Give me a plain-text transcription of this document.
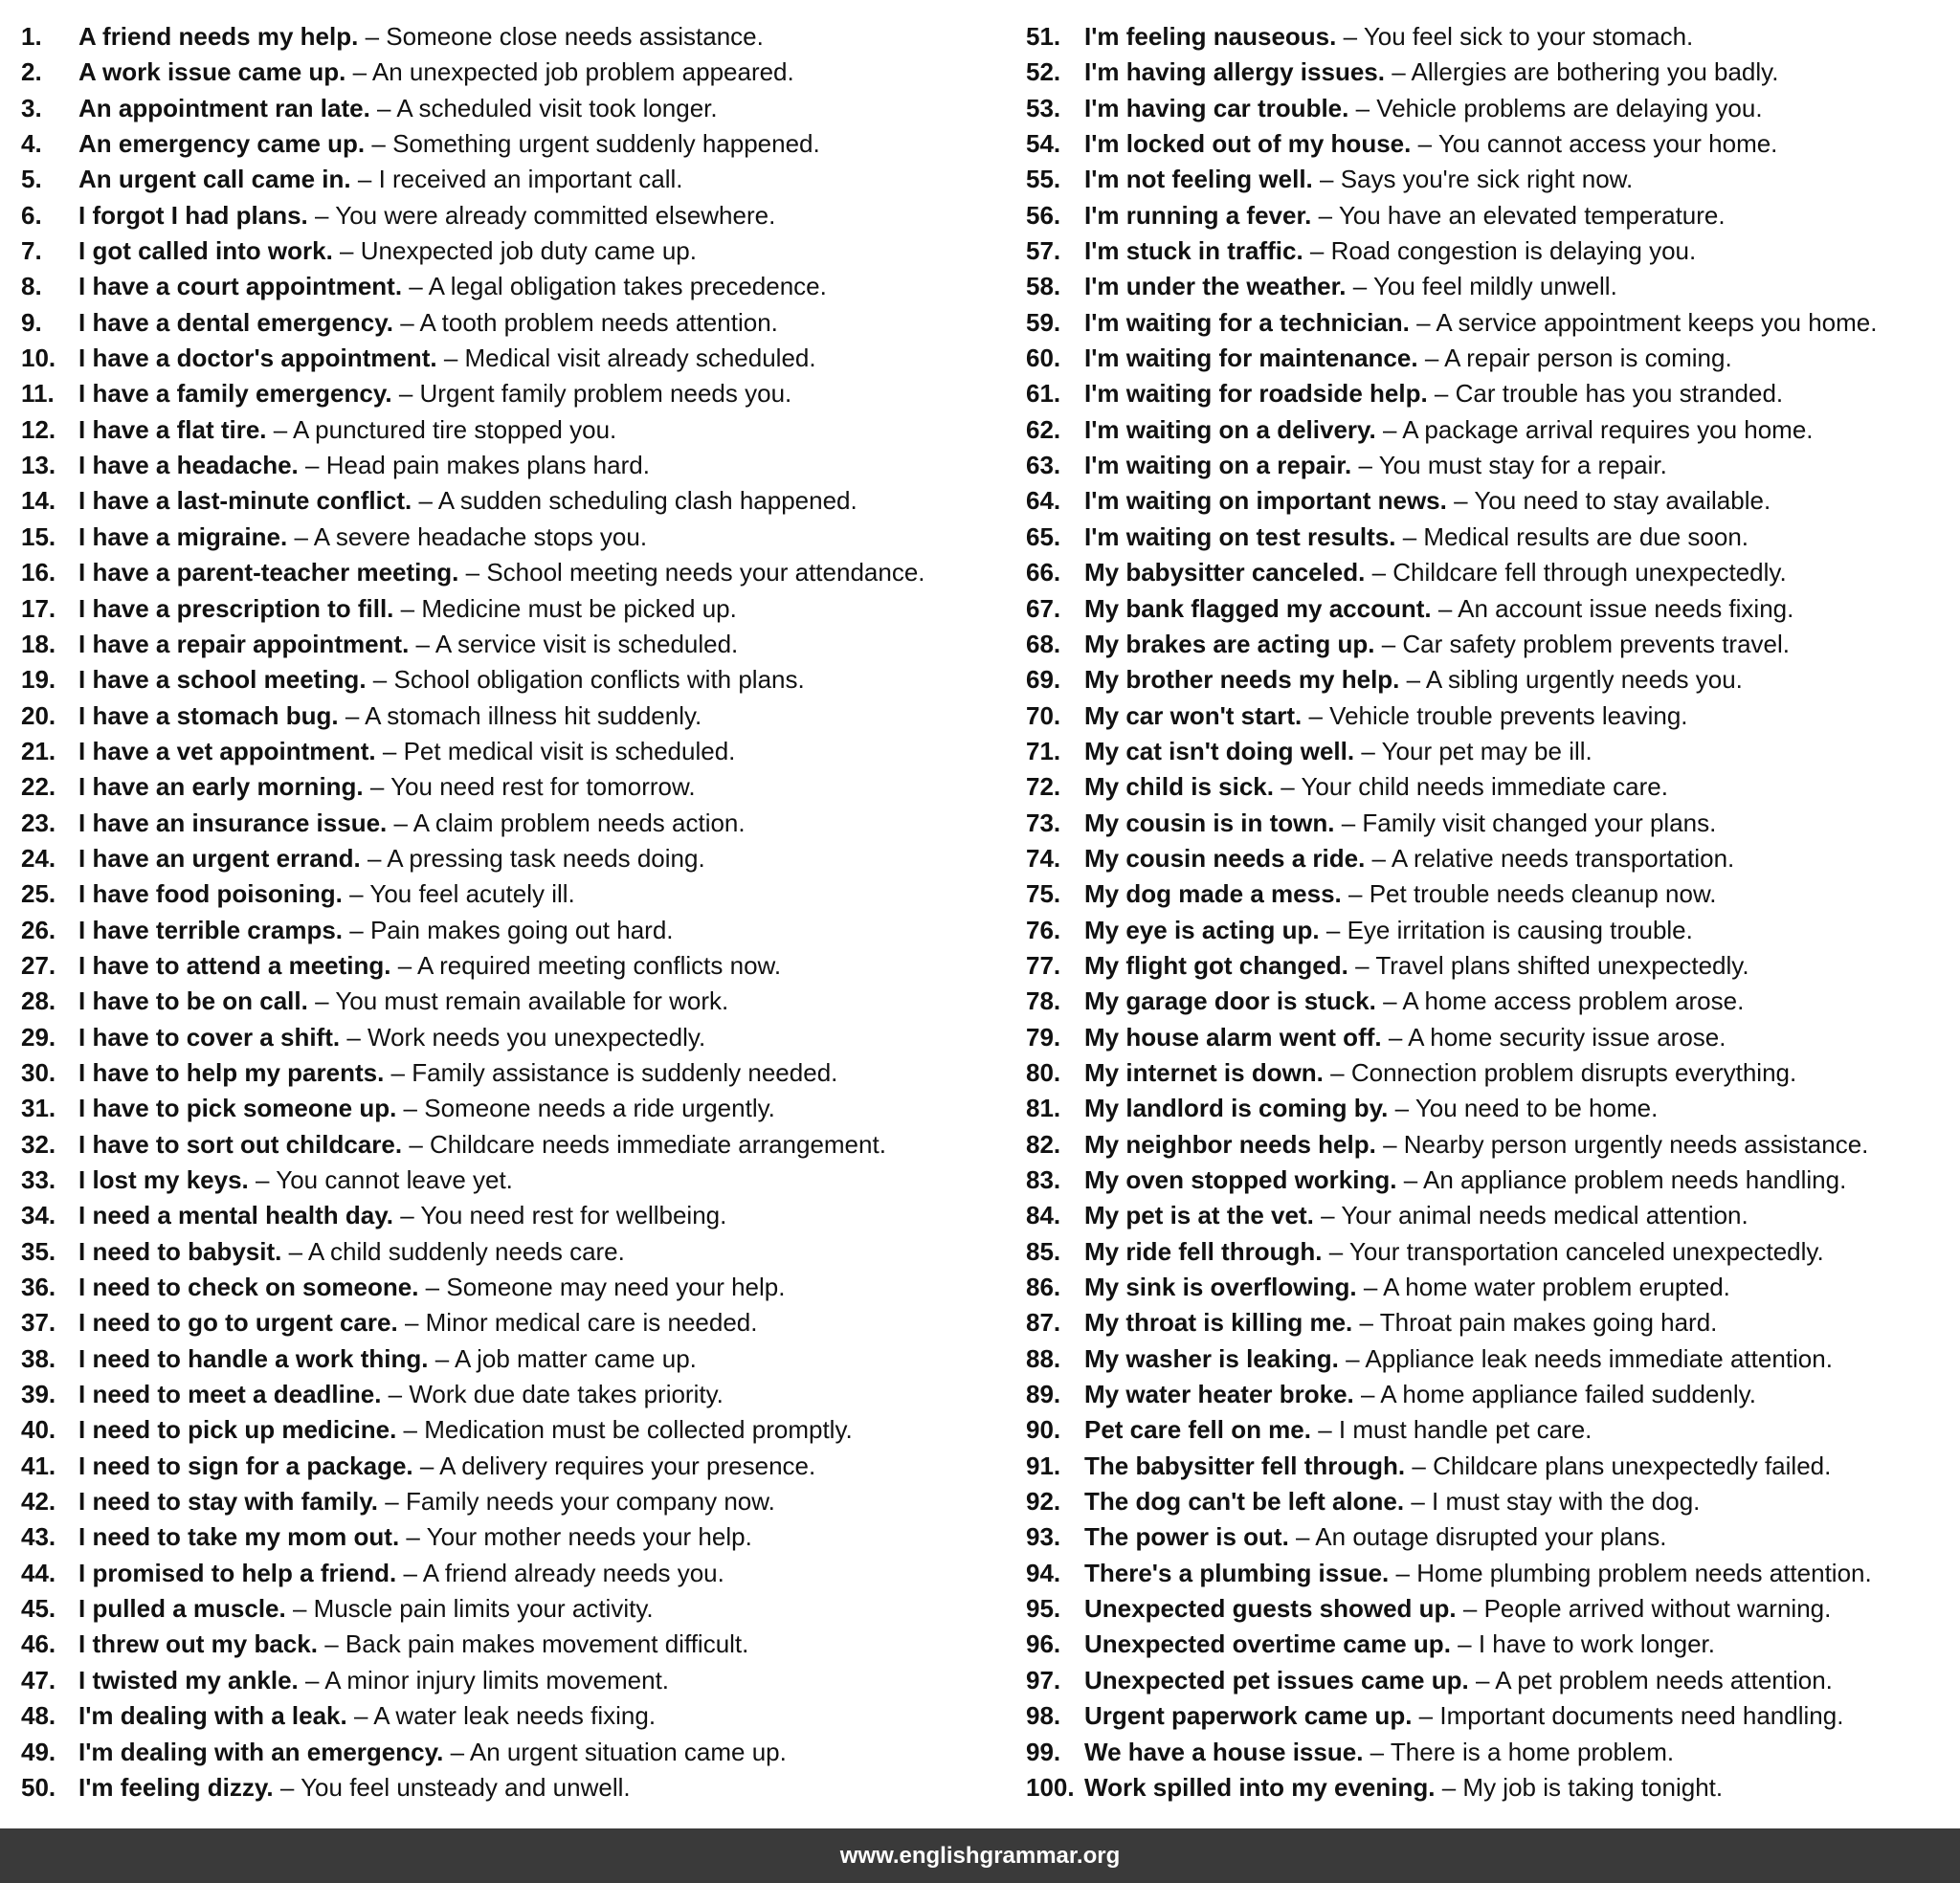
1. A friend needs my help. – Someone close needs assistance.
2. A work issue came up. – An unexpected job problem appeared.
3. An appointment ran late. – A scheduled visit took longer.
4. An emergency came up. – Something urgent suddenly happened.
5. An urgent call came in. – I received an important call.
6. I forgot I had plans. – You were already committed elsewhere.
7. I got called into work. – Unexpected job duty came up.
8. I have a court appointment. – A legal obligation takes precedence.
9. I have a dental emergency. – A tooth problem needs attention.
10. I have a doctor's appointment. – Medical visit already scheduled.
11. I have a family emergency. – Urgent family problem needs you.
12. I have a flat tire. – A punctured tire stopped you.
13. I have a headache. – Head pain makes plans hard.
14. I have a last-minute conflict. – A sudden scheduling clash happened.
15. I have a migraine. – A severe headache stops you.
16. I have a parent-teacher meeting. – School meeting needs your attendance.
17. I have a prescription to fill. – Medicine must be picked up.
18. I have a repair appointment. – A service visit is scheduled.
19. I have a school meeting. – School obligation conflicts with plans.
20. I have a stomach bug. – A stomach illness hit suddenly.
21. I have a vet appointment. – Pet medical visit is scheduled.
22. I have an early morning. – You need rest for tomorrow.
23. I have an insurance issue. – A claim problem needs action.
24. I have an urgent errand. – A pressing task needs doing.
25. I have food poisoning. – You feel acutely ill.
26. I have terrible cramps. – Pain makes going out hard.
27. I have to attend a meeting. – A required meeting conflicts now.
28. I have to be on call. – You must remain available for work.
29. I have to cover a shift. – Work needs you unexpectedly.
30. I have to help my parents. – Family assistance is suddenly needed.
31. I have to pick someone up. – Someone needs a ride urgently.
32. I have to sort out childcare. – Childcare needs immediate arrangement.
33. I lost my keys. – You cannot leave yet.
34. I need a mental health day. – You need rest for wellbeing.
35. I need to babysit. – A child suddenly needs care.
36. I need to check on someone. – Someone may need your help.
37. I need to go to urgent care. – Minor medical care is needed.
38. I need to handle a work thing. – A job matter came up.
39. I need to meet a deadline. – Work due date takes priority.
40. I need to pick up medicine. – Medication must be collected promptly.
41. I need to sign for a package. – A delivery requires your presence.
42. I need to stay with family. – Family needs your company now.
43. I need to take my mom out. – Your mother needs your help.
44. I promised to help a friend. – A friend already needs you.
45. I pulled a muscle. – Muscle pain limits your activity.
46. I threw out my back. – Back pain makes movement difficult.
47. I twisted my ankle. – A minor injury limits movement.
48. I'm dealing with a leak. – A water leak needs fixing.
49. I'm dealing with an emergency. – An urgent situation came up.
50. I'm feeling dizzy. – You feel unsteady and unwell.
51. I'm feeling nauseous. – You feel sick to your stomach.
52. I'm having allergy issues. – Allergies are bothering you badly.
53. I'm having car trouble. – Vehicle problems are delaying you.
54. I'm locked out of my house. – You cannot access your home.
55. I'm not feeling well. – Says you're sick right now.
56. I'm running a fever. – You have an elevated temperature.
57. I'm stuck in traffic. – Road congestion is delaying you.
58. I'm under the weather. – You feel mildly unwell.
59. I'm waiting for a technician. – A service appointment keeps you home.
60. I'm waiting for maintenance. – A repair person is coming.
61. I'm waiting for roadside help. – Car trouble has you stranded.
62. I'm waiting on a delivery. – A package arrival requires you home.
63. I'm waiting on a repair. – You must stay for a repair.
64. I'm waiting on important news. – You need to stay available.
65. I'm waiting on test results. – Medical results are due soon.
66. My babysitter canceled. – Childcare fell through unexpectedly.
67. My bank flagged my account. – An account issue needs fixing.
68. My brakes are acting up. – Car safety problem prevents travel.
69. My brother needs my help. – A sibling urgently needs you.
70. My car won't start. – Vehicle trouble prevents leaving.
71. My cat isn't doing well. – Your pet may be ill.
72. My child is sick. – Your child needs immediate care.
73. My cousin is in town. – Family visit changed your plans.
74. My cousin needs a ride. – A relative needs transportation.
75. My dog made a mess. – Pet trouble needs cleanup now.
76. My eye is acting up. – Eye irritation is causing trouble.
77. My flight got changed. – Travel plans shifted unexpectedly.
78. My garage door is stuck. – A home access problem arose.
79. My house alarm went off. – A home security issue arose.
80. My internet is down. – Connection problem disrupts everything.
81. My landlord is coming by. – You need to be home.
82. My neighbor needs help. – Nearby person urgently needs assistance.
83. My oven stopped working. – An appliance problem needs handling.
84. My pet is at the vet. – Your animal needs medical attention.
85. My ride fell through. – Your transportation canceled unexpectedly.
86. My sink is overflowing. – A home water problem erupted.
87. My throat is killing me. – Throat pain makes going hard.
88. My washer is leaking. – Appliance leak needs immediate attention.
89. My water heater broke. – A home appliance failed suddenly.
90. Pet care fell on me. – I must handle pet care.
91. The babysitter fell through. – Childcare plans unexpectedly failed.
92. The dog can't be left alone. – I must stay with the dog.
93. The power is out. – An outage disrupted your plans.
94. There's a plumbing issue. – Home plumbing problem needs attention.
95. Unexpected guests showed up. – People arrived without warning.
96. Unexpected overtime came up. – I have to work longer.
97. Unexpected pet issues came up. – A pet problem needs attention.
98. Urgent paperwork came up. – Important documents need handling.
99. We have a house issue. – There is a home problem.
100. Work spilled into my evening. – My job is taking tonight.
www.englishgrammar.org
